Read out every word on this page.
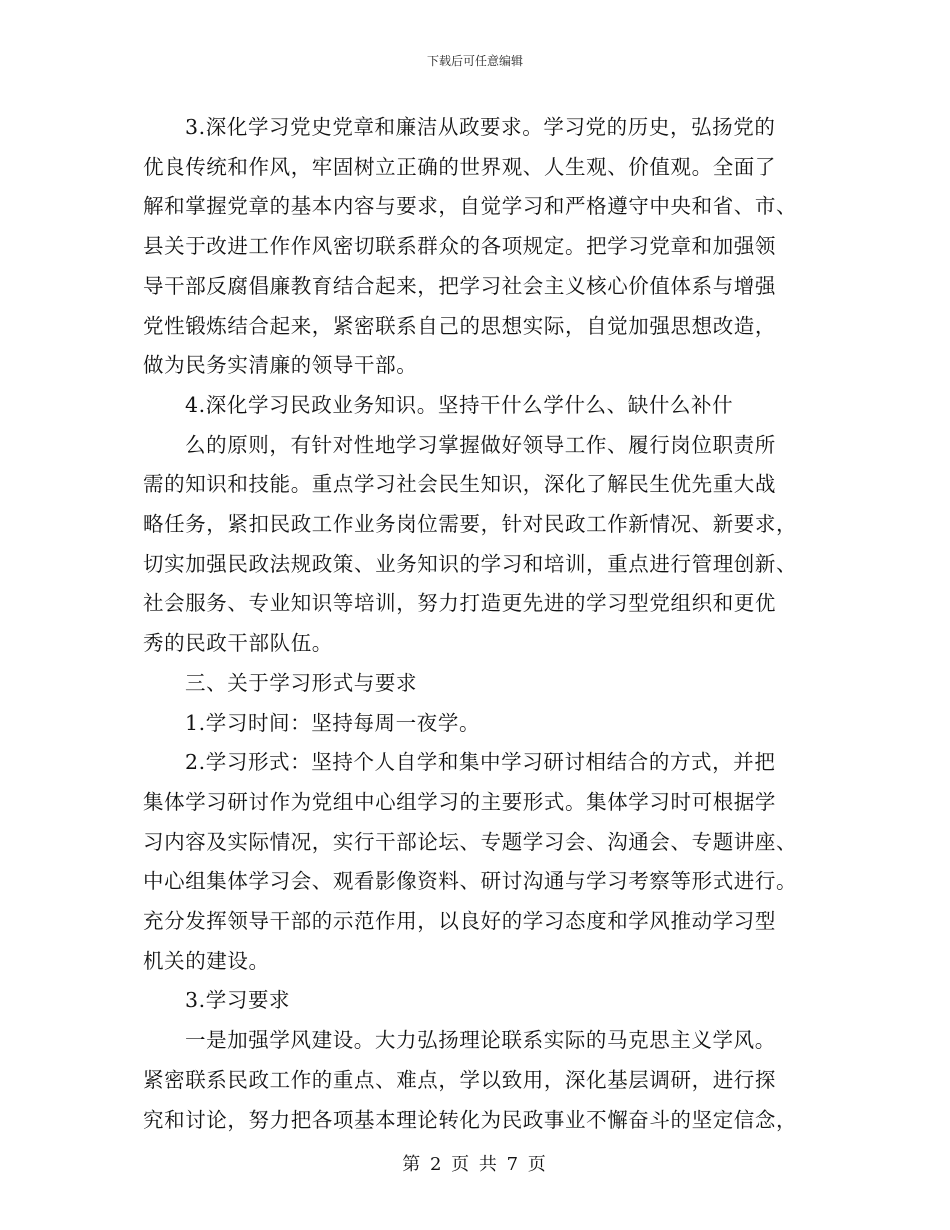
下载后可任意编辑
3.深化学习党史党章和廉洁从政要求。学习党的历史，弘扬党的
优良传统和作风，牢固树立正确的世界观、人生观、价值观。全面了
解和掌握党章的基本内容与要求，自觉学习和严格遵守中央和省、市、
县关于改进工作作风密切联系群众的各项规定。把学习党章和加强领
导干部反腐倡廉教育结合起来，把学习社会主义核心价值体系与增强
党性锻炼结合起来，紧密联系自己的思想实际，自觉加强思想改造，
做为民务实清廉的领导干部。
4.深化学习民政业务知识。坚持干什么学什么、缺什么补什
么的原则，有针对性地学习掌握做好领导工作、履行岗位职责所
需的知识和技能。重点学习社会民生知识，深化了解民生优先重大战
略任务，紧扣民政工作业务岗位需要，针对民政工作新情况、新要求，
切实加强民政法规政策、业务知识的学习和培训，重点进行管理创新、
社会服务、专业知识等培训，努力打造更先进的学习型党组织和更优
秀的民政干部队伍。
三、关于学习形式与要求
1.学习时间：坚持每周一夜学。
2.学习形式：坚持个人自学和集中学习研讨相结合的方式，并把
集体学习研讨作为党组中心组学习的主要形式。集体学习时可根据学
习内容及实际情况，实行干部论坛、专题学习会、沟通会、专题讲座、
中心组集体学习会、观看影像资料、研讨沟通与学习考察等形式进行。
充分发挥领导干部的示范作用，以良好的学习态度和学风推动学习型
机关的建设。
3.学习要求
一是加强学风建设。大力弘扬理论联系实际的马克思主义学风。
紧密联系民政工作的重点、难点，学以致用，深化基层调研，进行探
究和讨论，努力把各项基本理论转化为民政事业不懈奋斗的坚定信念，
第 2 页 共 7 页
